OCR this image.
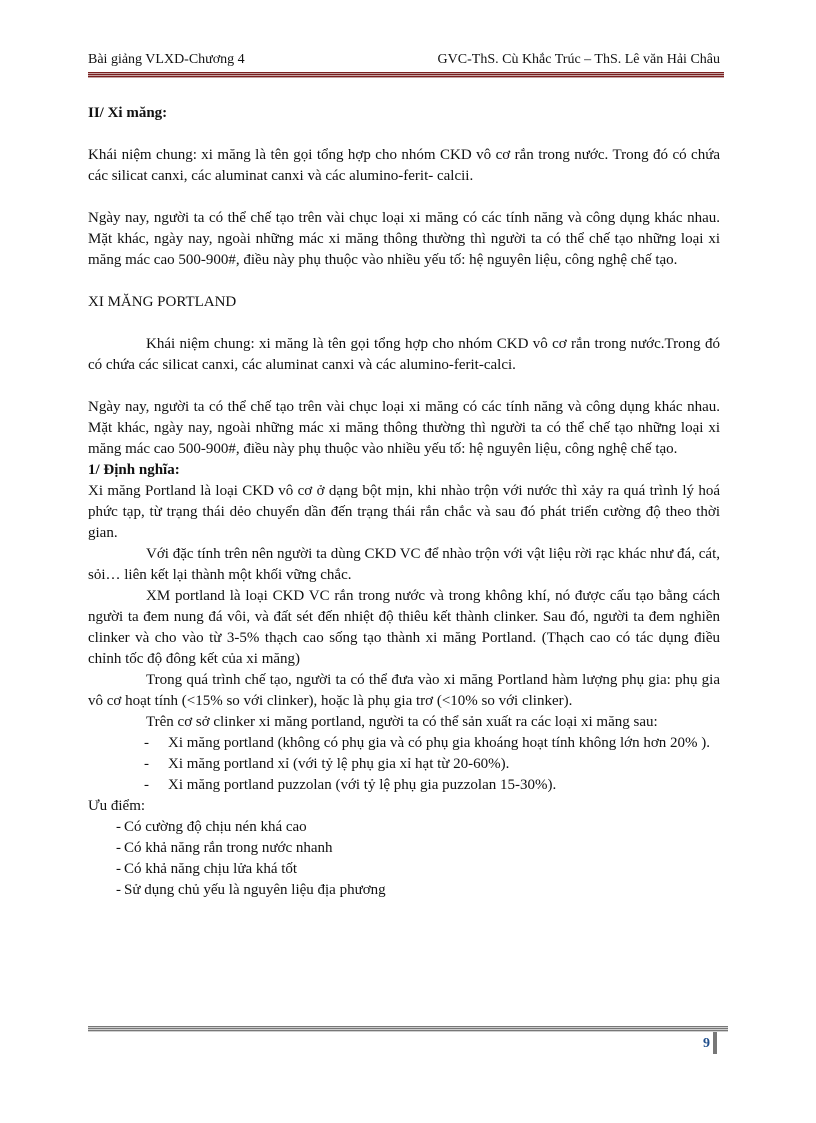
Bài giảng VLXD-Chương 4	GVC-ThS. Cù Khắc Trúc – ThS. Lê văn Hải Châu

II/ Xi măng:

Khái niệm chung: xi măng là tên gọi tổng hợp cho nhóm CKD vô cơ rắn trong nước. Trong đó có chứa các silicat canxi, các aluminat canxi và các alumino-ferit- calcii.

Ngày nay, người ta có thể chế tạo trên vài chục loại xi măng có các tính năng và công dụng khác nhau. Mặt khác, ngày nay, ngoài những mác xi măng thông thường thì người ta có thể chế tạo những loại xi măng mác cao 500-900#, điều này phụ thuộc vào nhiều yếu tố: hệ nguyên liệu, công nghệ chế tạo.

XI MĂNG PORTLAND

Khái niệm chung: xi măng là tên gọi tổng hợp cho nhóm CKD vô cơ rắn trong nước.Trong đó có chứa các silicat canxi, các aluminat canxi và các alumino-ferit-calci.

Ngày nay, người ta có thể chế tạo trên vài chục loại xi măng có các tính năng và công dụng khác nhau. Mặt khác, ngày nay, ngoài những mác xi măng thông thường thì người ta có thể chế tạo những loại xi măng mác cao 500-900#, điều này phụ thuộc vào nhiều yếu tố: hệ nguyên liệu, công nghệ chế tạo.

1/ Định nghĩa:

Xi măng Portland là loại CKD vô cơ ở dạng bột mịn, khi nhào trộn với nước thì xảy ra quá trình lý hoá phức tạp, từ trạng thái dẻo chuyển dần đến trạng thái rắn chắc và sau đó phát triển cường độ theo thời gian.

Với đặc tính trên nên người ta dùng CKD VC để nhào trộn với vật liệu rời rạc khác như đá, cát, sỏi… liên kết lại thành một khối vững chắc.

XM portland là loại CKD VC rắn trong nước và trong không khí, nó được cấu tạo bằng cách người ta đem nung đá vôi, và đất sét đến nhiệt độ thiêu kết thành clinker. Sau đó, người ta đem nghiền clinker và cho vào từ 3-5% thạch cao sống tạo thành xi măng Portland. (Thạch cao có tác dụng điều chỉnh tốc độ đông kết của xi măng)

Trong quá trình chế tạo, người ta có thể đưa vào xi măng Portland hàm lượng phụ gia: phụ gia vô cơ hoạt tính (<15% so với clinker), hoặc là phụ gia trơ (<10% so với clinker).

Trên cơ sở clinker xi măng portland, người ta có thể sản xuất ra các loại xi măng sau:

-	Xi măng portland (không có phụ gia và có phụ gia khoáng hoạt tính không lớn hơn 20% ).
-	Xi măng portland xỉ (với tỷ lệ phụ gia xỉ hạt từ 20-60%).
-	Xi măng portland puzzolan (với tỷ lệ phụ gia puzzolan 15-30%).

Ưu điểm:

- Có cường độ chịu nén khá cao
- Có khả năng rắn trong nước nhanh
- Có khả năng chịu lửa khá tốt
- Sử dụng chủ yếu là nguyên liệu địa phương
9
